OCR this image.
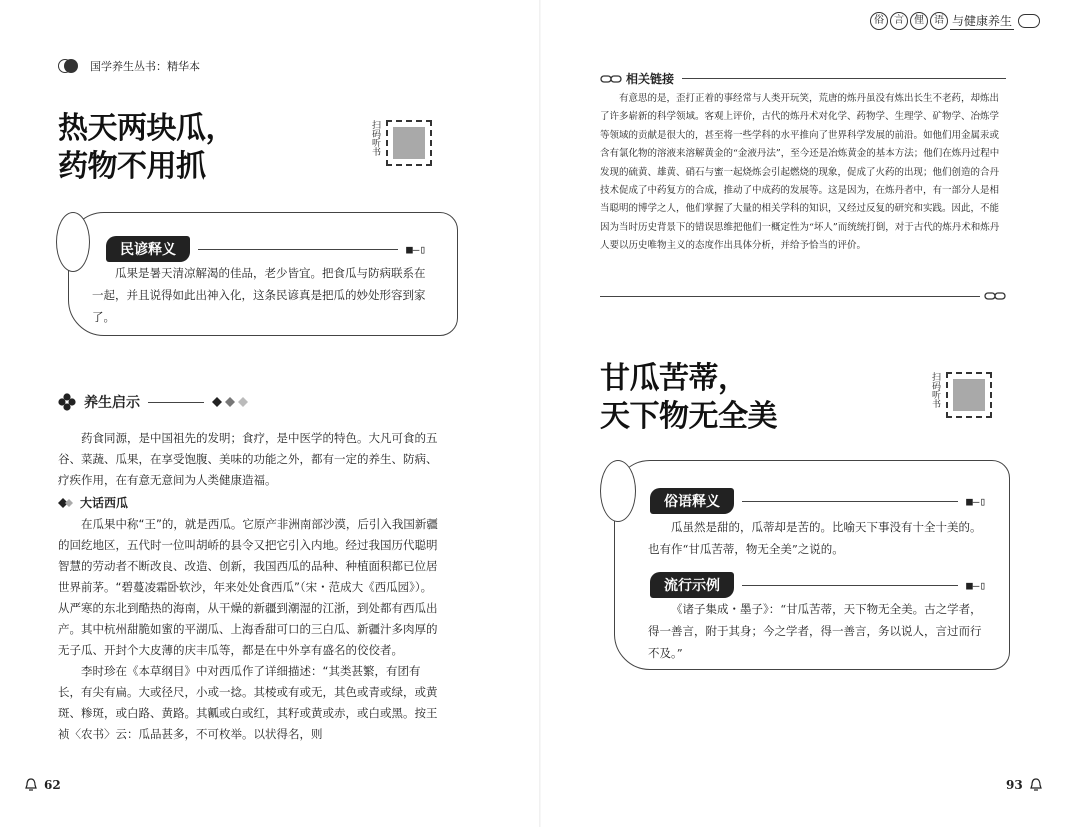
国学养生丛书：精华本
热天两块瓜，
药物不用抓
扫码听书
民谚释义	■—▯
瓜果是暑天清凉解渴的佳品，老少皆宜。把食瓜与防病联系在一起，并且说得如此出神入化，这条民谚真是把瓜的妙处形容到家了。
养生启示

药食同源，是中国祖先的发明；食疗，是中医学的特色。大凡可食的五谷、菜蔬、瓜果，在享受饱腹、美味的功能之外，都有一定的养生、防病、疗疾作用，在有意无意间为人类健康造福。

大话西瓜

在瓜果中称“王”的，就是西瓜。它原产非洲南部沙漠，后引入我国新疆的回纥地区，五代时一位叫胡峤的县令又把它引入内地。经过我国历代聪明智慧的劳动者不断改良、改造、创新，我国西瓜的品种、种植面积都已位居世界前茅。“碧蔓凌霜卧软沙，年来处处食西瓜”（宋・范成大《西瓜园》）。从严寒的东北到酷热的海南，从干燥的新疆到潮湿的江浙，到处都有西瓜出产。其中杭州甜脆如蜜的平湖瓜、上海香甜可口的三白瓜、新疆汁多肉厚的无子瓜、开封个大皮薄的庆丰瓜等，都是在中外享有盛名的佼佼者。

李时珍在《本草纲目》中对西瓜作了详细描述：“其类甚繁，有团有长，有尖有扁。大或径尺，小或一捻。其棱或有或无，其色或青或绿，或黄斑、糁斑，或白路、黄路。其瓤或白或红，其籽或黄或赤，或白或黑。按王祯〈农书〉云：瓜品甚多，不可枚举。以状得名，则

62
俗	言	俚	语 与健康养生
相关链接

有意思的是，歪打正着的事经常与人类开玩笑，荒唐的炼丹虽没有炼出长生不老药，却炼出了许多崭新的科学领域。客观上评价，古代的炼丹术对化学、药物学、生理学、矿物学、冶炼学等领域的贡献是很大的，甚至将一些学科的水平推向了世界科学发展的前沿。如他们用金属汞或含有氯化物的溶液来溶解黄金的“金液丹法”，至今还是冶炼黄金的基本方法；他们在炼丹过程中发现的硫黄、雄黄、硝石与蜜一起烧炼会引起燃烧的现象，促成了火药的出现；他们创造的合丹技术促成了中药复方的合成，推动了中成药的发展等。这是因为，在炼丹者中，有一部分人是相当聪明的博学之人，他们掌握了大量的相关学科的知识，又经过反复的研究和实践。因此，不能因为当时历史背景下的错误思维把他们一概定性为“坏人”而统统打倒，对于古代的炼丹术和炼丹人要以历史唯物主义的态度作出具体分析，并给予恰当的评价。

甘瓜苦蒂，
天下物无全美
扫码听书
俗语释义	■—▯
瓜虽然是甜的，瓜蒂却是苦的。比喻天下事没有十全十美的。也有作“甘瓜苦蒂，物无全美”之说的。
流行示例	■—▯
《诸子集成・墨子》：“甘瓜苦蒂，天下物无全美。古之学者，得一善言，附于其身；今之学者，得一善言，务以说人，言过而行不及。”
93
